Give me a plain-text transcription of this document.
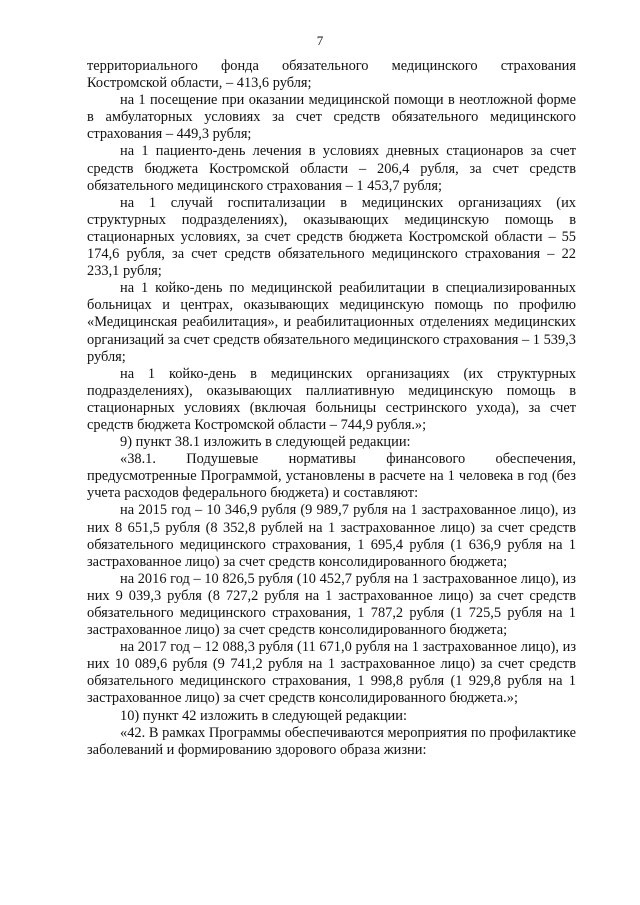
7

территориального фонда обязательного медицинского страхования Костромской области, – 413,6 рубля;

на 1 посещение при оказании медицинской помощи в неотложной форме в амбулаторных условиях за счет средств обязательного медицинского страхования – 449,3 рубля;

на 1 пациенто-день лечения в условиях дневных стационаров за счет средств бюджета Костромской области – 206,4 рубля, за счет средств обязательного медицинского страхования – 1 453,7 рубля;

на 1 случай госпитализации в медицинских организациях (их структурных подразделениях), оказывающих медицинскую помощь в стационарных условиях, за счет средств бюджета Костромской области – 55 174,6 рубля, за счет средств обязательного медицинского страхования – 22 233,1 рубля;

на 1 койко-день по медицинской реабилитации в специализированных больницах и центрах, оказывающих медицинскую помощь по профилю «Медицинская реабилитация», и реабилитационных отделениях медицинских организаций за счет средств обязательного медицинского страхования – 1 539,3 рубля;

на 1 койко-день в медицинских организациях (их структурных подразделениях), оказывающих паллиативную медицинскую помощь в стационарных условиях (включая больницы сестринского ухода), за счет средств бюджета Костромской области – 744,9 рубля.»;

9) пункт 38.1 изложить в следующей редакции:

«38.1. Подушевые нормативы финансового обеспечения, предусмотренные Программой, установлены в расчете на 1 человека в год (без учета расходов федерального бюджета) и составляют:

на 2015 год – 10 346,9 рубля (9 989,7 рубля на 1 застрахованное лицо), из них 8 651,5 рубля (8 352,8 рублей на 1 застрахованное лицо) за счет средств обязательного медицинского страхования, 1 695,4 рубля (1 636,9 рубля на 1 застрахованное лицо) за счет средств консолидированного бюджета;

на 2016 год – 10 826,5 рубля (10 452,7 рубля на 1 застрахованное лицо), из них 9 039,3 рубля (8 727,2 рубля на 1 застрахованное лицо) за счет средств обязательного медицинского страхования, 1 787,2 рубля (1 725,5 рубля на 1 застрахованное лицо) за счет средств консолидированного бюджета;

на 2017 год – 12 088,3 рубля (11 671,0 рубля на 1 застрахованное лицо), из них 10 089,6 рубля (9 741,2 рубля на 1 застрахованное лицо) за счет средств обязательного медицинского страхования, 1 998,8 рубля (1 929,8 рубля на 1 застрахованное лицо) за счет средств консолидированного бюджета.»;

10) пункт 42 изложить в следующей редакции:

«42. В рамках Программы обеспечиваются мероприятия по профилактике заболеваний и формированию здорового образа жизни:
